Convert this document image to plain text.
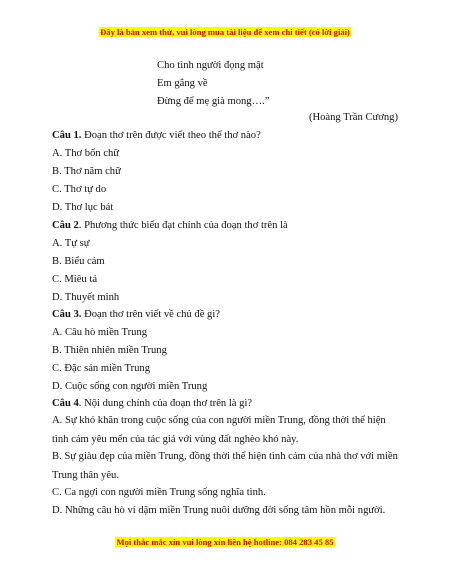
Đây là bản xem thử, vui lòng mua tài liệu để xem chi tiết (có lời giải)
Cho tình người đọng mật
Em gắng về
Đừng để mẹ già mong….”
(Hoàng Trần Cương)
Câu 1. Đoạn thơ trên được viết theo thể thơ nào?
A. Thơ bốn chữ
B. Thơ năm chữ
C. Thơ tự do
D. Thơ lục bát
Câu 2. Phương thức biểu đạt chính của đoạn thơ trên là
A. Tự sự
B. Biểu cảm
C. Miêu tả
D. Thuyết minh
Câu 3. Đoạn thơ trên viết về chủ đề gì?
A. Câu hò miền Trung
B. Thiên nhiên miền Trung
C. Đặc sản miền Trung
D. Cuộc sống con người miền Trung
Câu 4. Nội dung chính của đoạn thơ trên là gì?
A. Sự khó khăn trong cuộc sống của con người miền Trung, đồng thời thể hiện tình cảm yêu mến của tác giả với vùng đất nghèo khó này.
B. Sự giàu đẹp của miền Trung, đồng thời thể hiện tình cảm của nhà thơ với miền Trung thân yêu.
C. Ca ngợi con người miền Trung sống nghĩa tình.
D. Những câu hò ví dặm miền Trung nuôi dưỡng đời sống tâm hồn mỗi người.
Mọi thắc mắc xin vui lòng xin liên hệ hotline: 084 283 45 85
